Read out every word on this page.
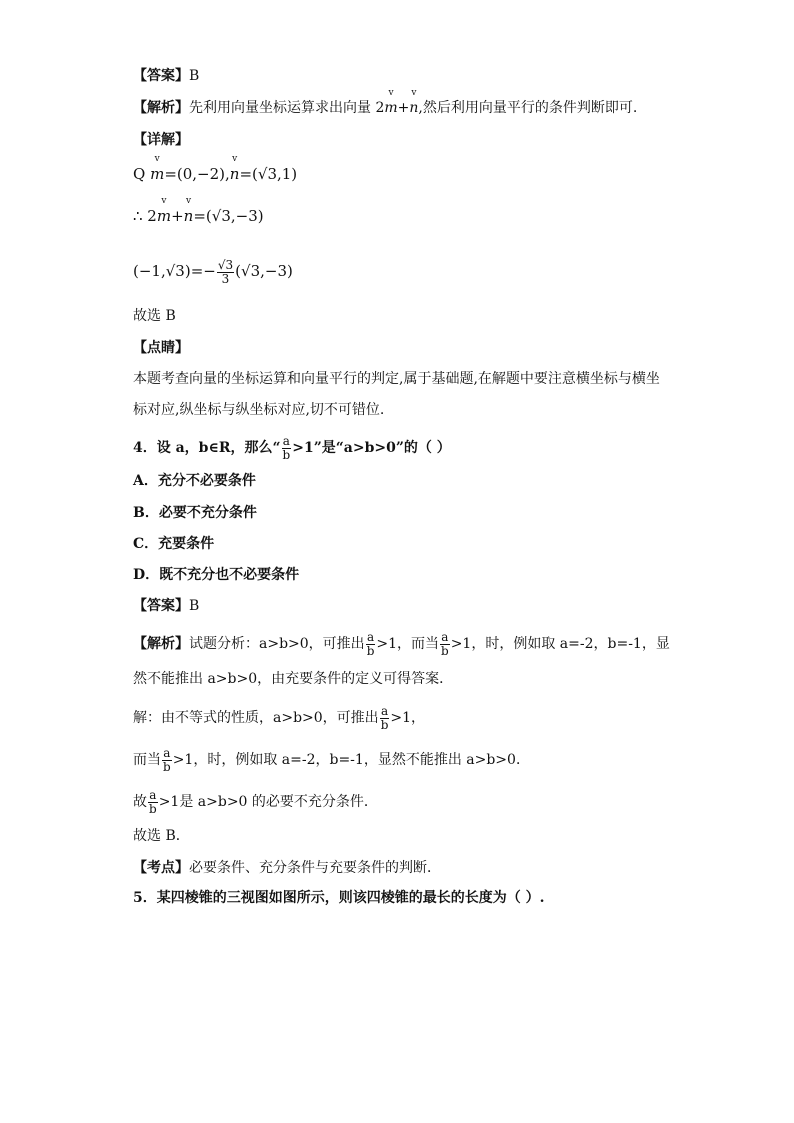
【答案】B
【解析】先利用向量坐标运算求出向量 2
v
m+
v
n,然后利用向量平行的条件判断即可.
【详解】
Q
v
m=(0,−2),
v
n=(√3,1)
∴ 2
v
m+
v
n=(√3,−3)
$(-1,√3)=- \frac{√3}{3} (√3,-3)$
故选 B
【点睛】
本题考查向量的坐标运算和向量平行的判定,属于基础题,在解题中要注意横坐标与横坐
标对应,纵坐标与纵坐标对应,切不可错位.
4．设 a，b∈R，那么“ $\frac{a}{b} >1$”是“a>b>0”的（ ）
A．充分不必要条件
B．必要不充分条件
C．充要条件
D．既不充分也不必要条件
【答案】B
【解析】试题分析：a>b>0，可推出 $\frac{a}{b} >1$，而当 $\frac{a}{b} >1$，时，例如取 a=-2，b=-1，显
然不能推出 a>b>0，由充要条件的定义可得答案．
解：由不等式的性质，a>b>0，可推出 $\frac{a}{b} >1$，
而当 $\frac{a}{b} >1$，时，例如取 a=-2，b=-1，显然不能推出 a>b>0．
故 $\frac{a}{b} >1$是 a>b>0 的必要不充分条件．
故选 B．
【考点】必要条件、充分条件与充要条件的判断．
5．某四棱锥的三视图如图所示，则该四棱锥的最长的长度为（ ）.
